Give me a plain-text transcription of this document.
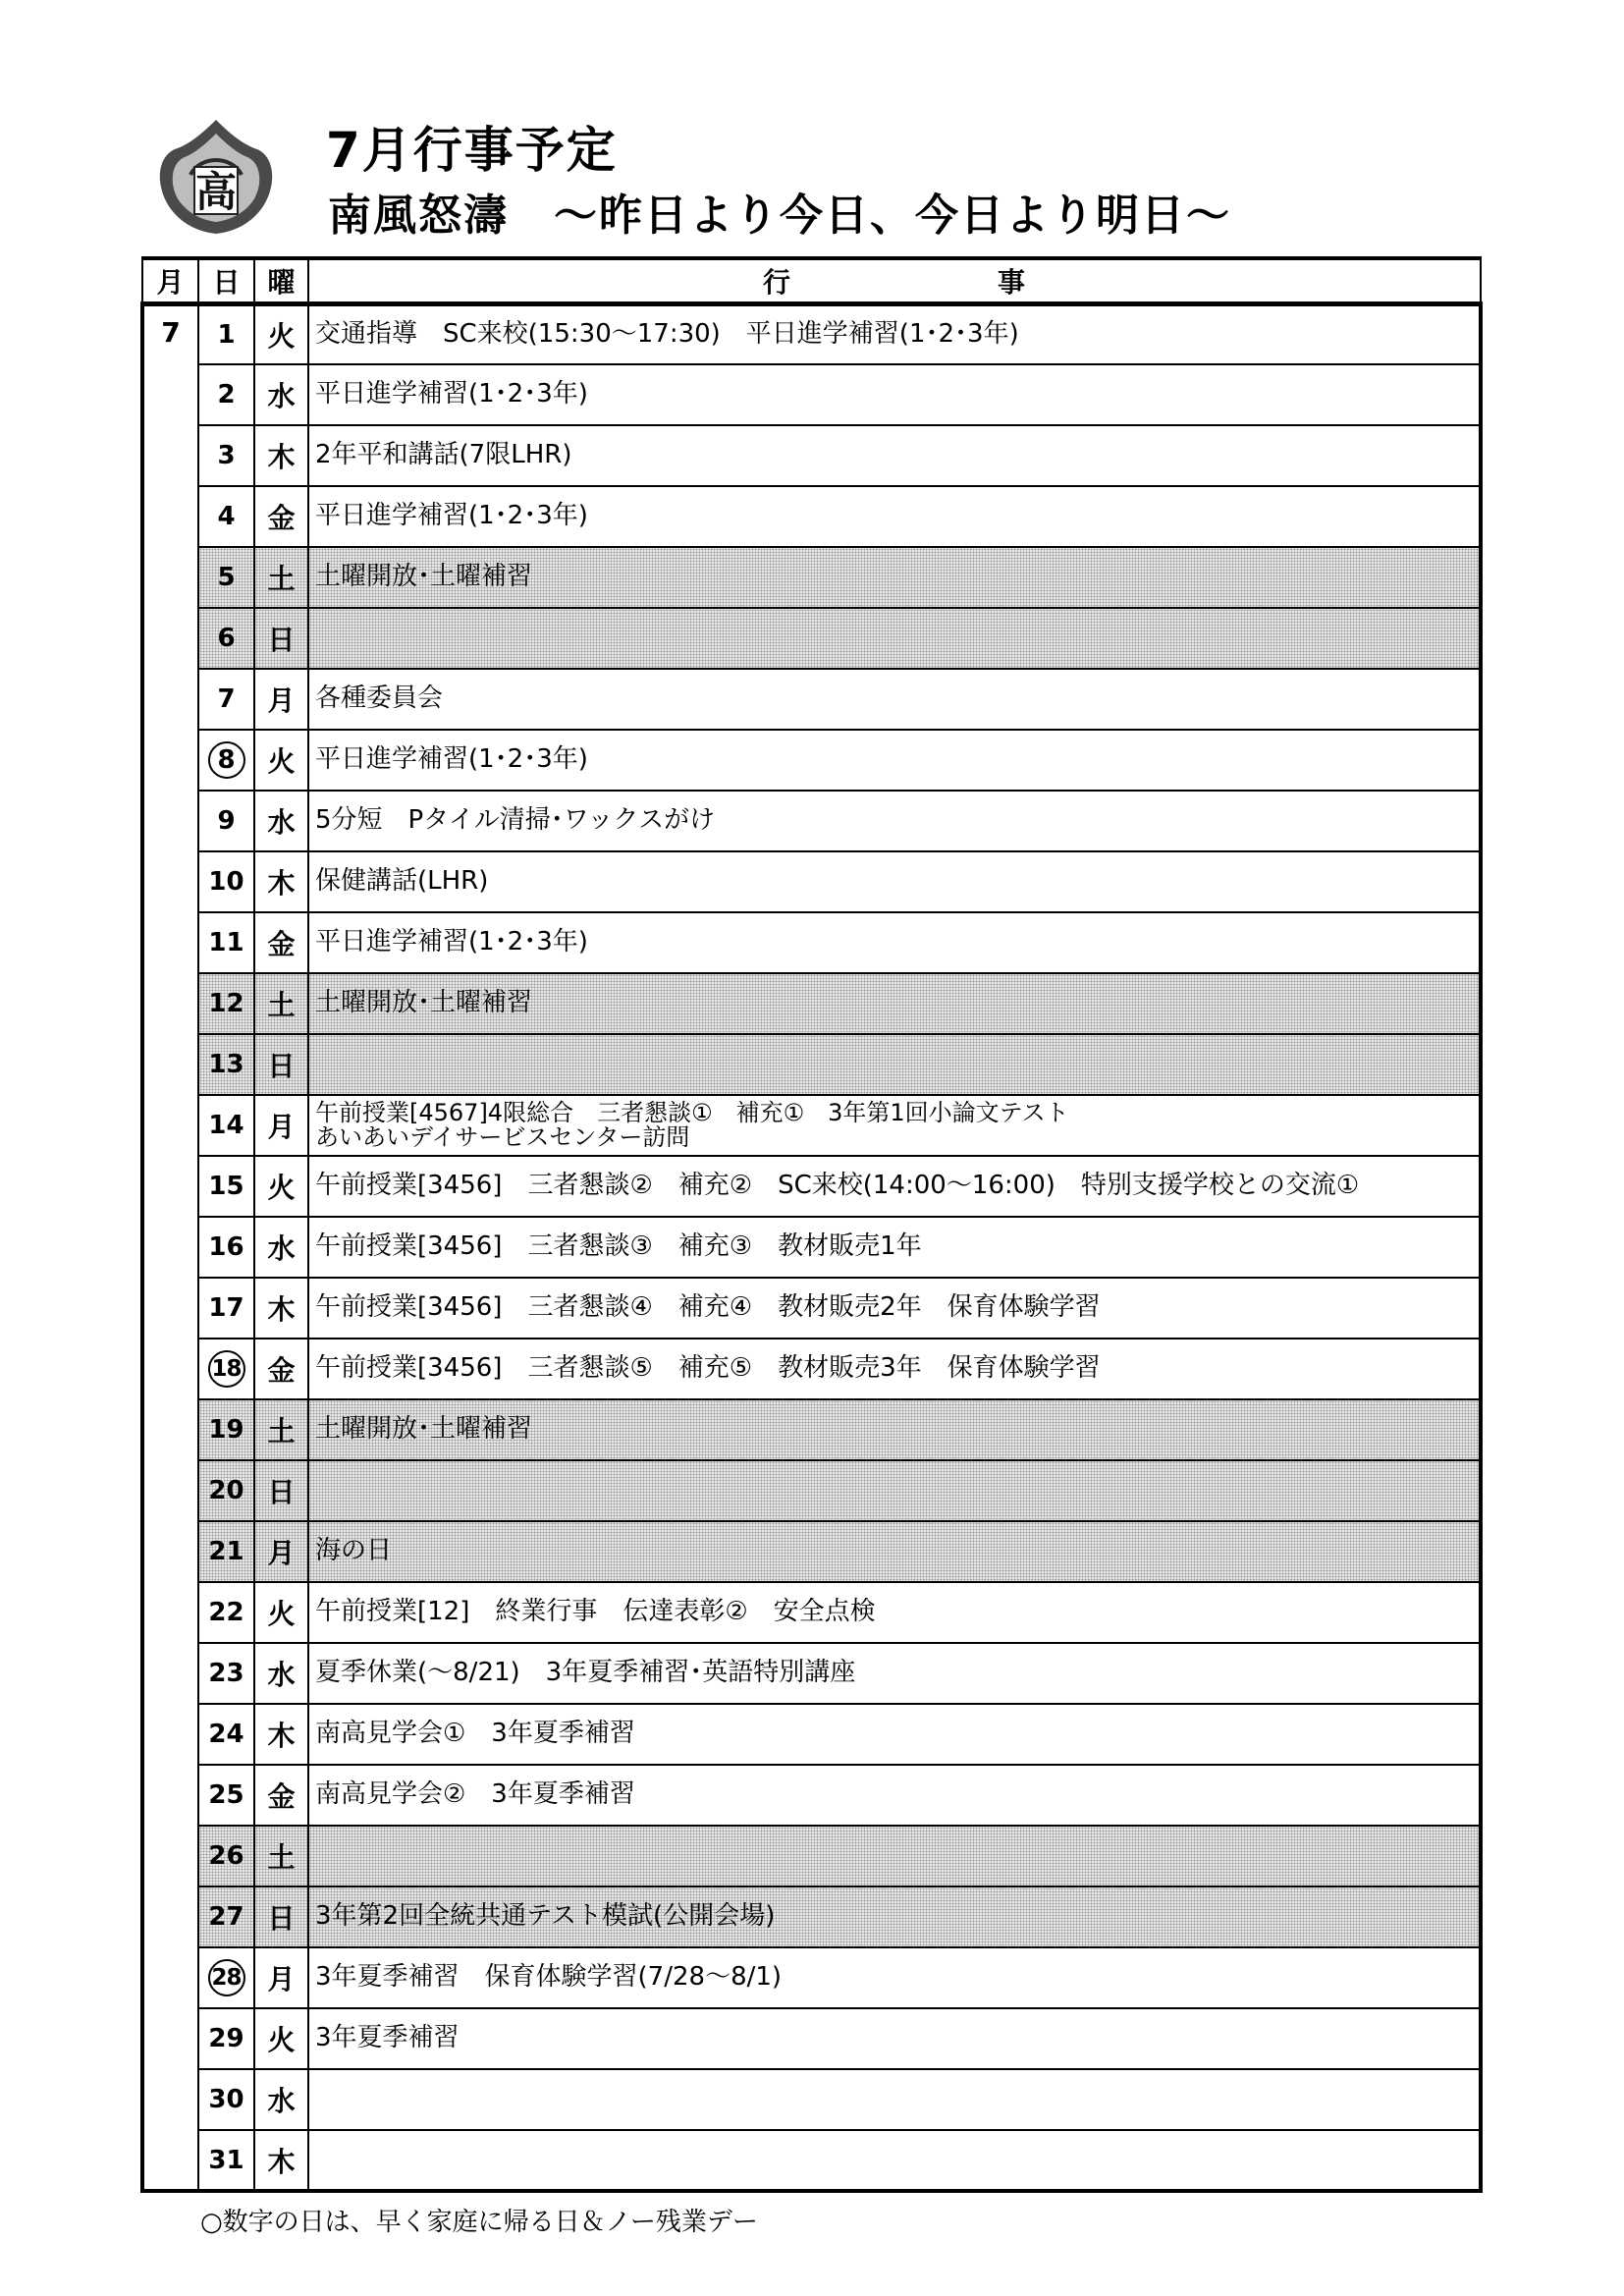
高
7月行事予定
南風怒濤　～昨日より今日、今日より明日～
月	日	曜	行 事
7	1	火	交通指導　SC来校(15:30～17:30)　平日進学補習(1･2･3年)

	2	水	平日進学補習(1･2･3年)

	3	木	2年平和講話(7限LHR)

	4	金	平日進学補習(1･2･3年)

	5	土	土曜開放･土曜補習

	6	日	

	7	月	各種委員会

	8	火	平日進学補習(1･2･3年)

	9	水	5分短　Pタイル清掃･ワックスがけ

	10	木	保健講話(LHR)

	11	金	平日進学補習(1･2･3年)

	12	土	土曜開放･土曜補習

	13	日	

	14	月	午前授業[4567]4限総合　三者懇談①　補充①　3年第1回小論文テスト
あいあいデイサービスセンター訪問

	15	火	午前授業[3456]　三者懇談②　補充②　SC来校(14:00～16:00)　特別支援学校との交流①

	16	水	午前授業[3456]　三者懇談③　補充③　教材販売1年

	17	木	午前授業[3456]　三者懇談④　補充④　教材販売2年　保育体験学習

	18	金	午前授業[3456]　三者懇談⑤　補充⑤　教材販売3年　保育体験学習

	19	土	土曜開放･土曜補習

	20	日	

	21	月	海の日

	22	火	午前授業[12]　終業行事　伝達表彰②　安全点検

	23	水	夏季休業(～8/21)　3年夏季補習･英語特別講座

	24	木	南高見学会①　3年夏季補習

	25	金	南高見学会②　3年夏季補習

	26	土	

	27	日	3年第2回全統共通テスト模試(公開会場)

	28	月	3年夏季補習　保育体験学習(7/28～8/1)

	29	火	3年夏季補習

	30	水	

	31	木	
○数字の日は、早く家庭に帰る日＆ノー残業デー
